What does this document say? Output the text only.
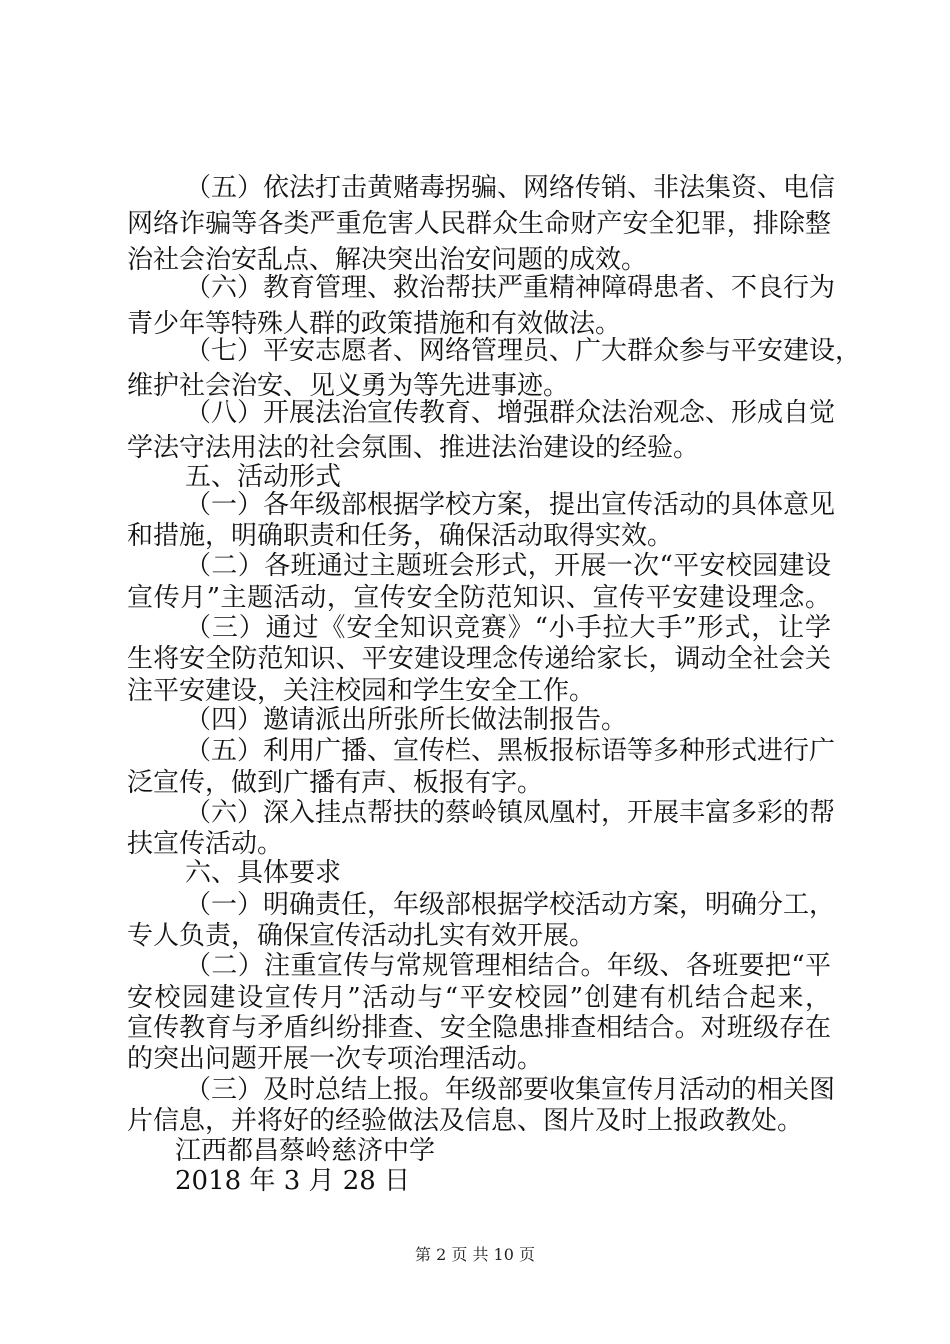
（五）依法打击黄赌毒拐骗、网络传销、非法集资、电信
网络诈骗等各类严重危害人民群众生命财产安全犯罪，排除整
治社会治安乱点、解决突出治安问题的成效。
（六）教育管理、救治帮扶严重精神障碍患者、不良行为
青少年等特殊人群的政策措施和有效做法。
（七）平安志愿者、网络管理员、广大群众参与平安建设，
维护社会治安、见义勇为等先进事迹。
（八）开展法治宣传教育、增强群众法治观念、形成自觉
学法守法用法的社会氛围、推进法治建设的经验。
五、活动形式
（一）各年级部根据学校方案，提出宣传活动的具体意见
和措施，明确职责和任务，确保活动取得实效。
（二）各班通过主题班会形式，开展一次“平安校园建设
宣传月”主题活动，宣传安全防范知识、宣传平安建设理念。
（三）通过《安全知识竞赛》“小手拉大手”形式，让学
生将安全防范知识、平安建设理念传递给家长，调动全社会关
注平安建设，关注校园和学生安全工作。
（四）邀请派出所张所长做法制报告。
（五）利用广播、宣传栏、黑板报标语等多种形式进行广
泛宣传，做到广播有声、板报有字。
（六）深入挂点帮扶的蔡岭镇凤凰村，开展丰富多彩的帮
扶宣传活动。
六、具体要求
（一）明确责任，年级部根据学校活动方案，明确分工，
专人负责，确保宣传活动扎实有效开展。
（二）注重宣传与常规管理相结合。年级、各班要把“平
安校园建设宣传月”活动与“平安校园”创建有机结合起来，
宣传教育与矛盾纠纷排查、安全隐患排查相结合。对班级存在
的突出问题开展一次专项治理活动。
（三）及时总结上报。年级部要收集宣传月活动的相关图
片信息，并将好的经验做法及信息、图片及时上报政教处。
江西都昌蔡岭慈济中学
2018 年 3 月 28 日
第 2 页 共 10 页
